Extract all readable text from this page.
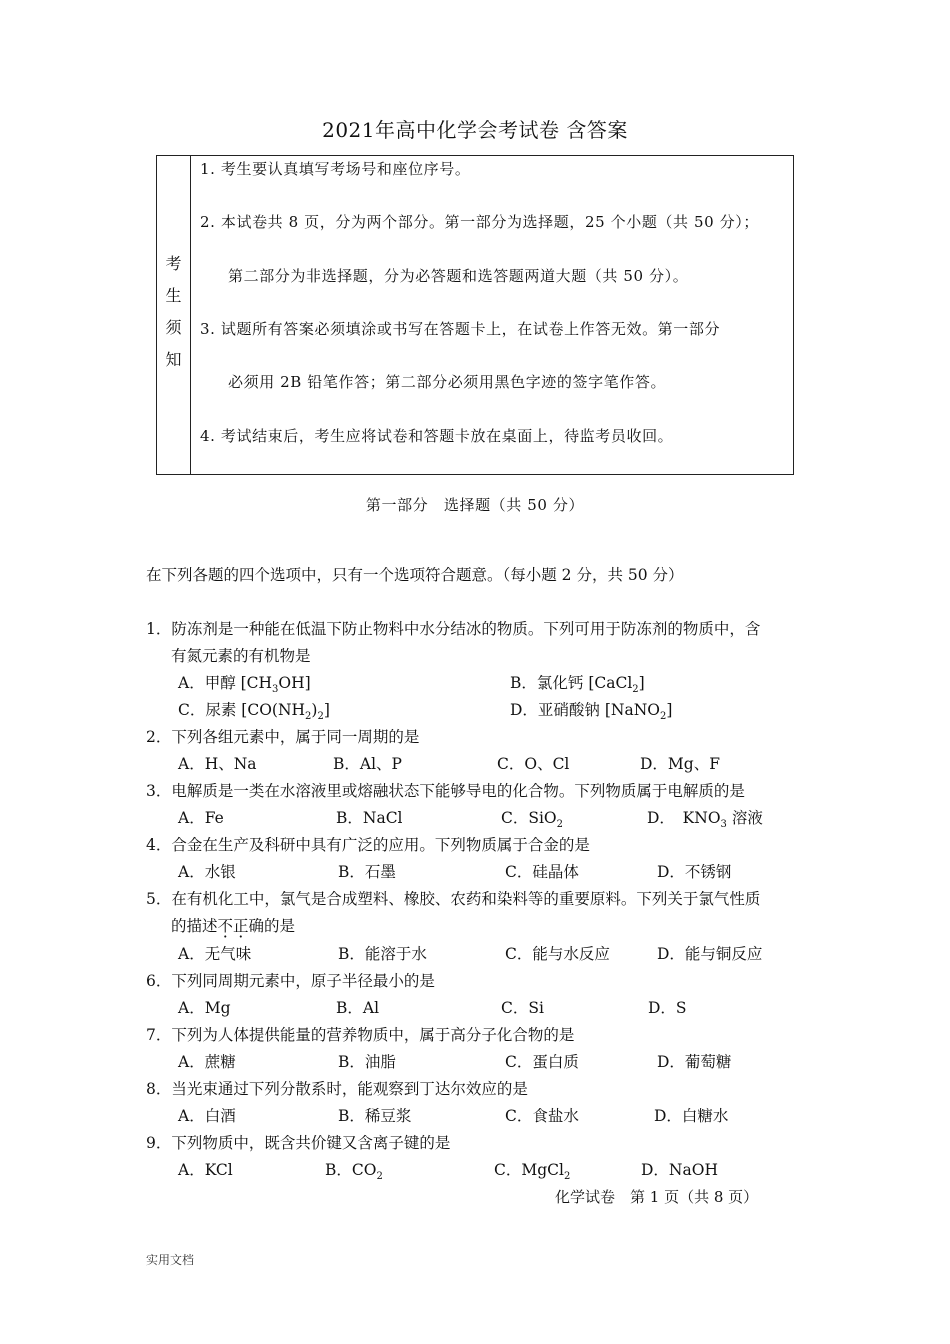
2021年高中化学会考试卷 含答案
考
生
须
知
1. 考生要认真填写考场号和座位序号。
2. 本试卷共 8 页，分为两个部分。第一部分为选择题，25 个小题（共 50 分）；
第二部分为非选择题，分为必答题和选答题两道大题（共 50 分）。
3. 试题所有答案必须填涂或书写在答题卡上，在试卷上作答无效。第一部分
必须用 2B 铅笔作答；第二部分必须用黑色字迹的签字笔作答。
4. 考试结束后，考生应将试卷和答题卡放在桌面上，待监考员收回。
第一部分　选择题（共 50 分）
在下列各题的四个选项中，只有一个选项符合题意。（每小题 2 分，共 50 分）
1．防冻剂是一种能在低温下防止物料中水分结冰的物质。下列可用于防冻剂的物质中，含
有氮元素的有机物是
A．甲醇 $[CH_3OH]$	B．氯化钙 [CaCl$_2$]
C．尿素 $[CO(NH_2)_2]$	D．亚硝酸钠 [NaNO$_2$]
2．下列各组元素中，属于同一周期的是
A．H、Na	B．Al、P	C．O、Cl	D．Mg、F
3．电解质是一类在水溶液里或熔融状态下能够导电的化合物。下列物质属于电解质的是
A．Fe	B．NaCl	C．SiO$_2$	D．　$KNO_3$ 溶液
4．合金在生产及科研中具有广泛的应用。下列物质属于合金的是
A．水银	B．石墨	C．硅晶体	D．不锈钢
5．在有机化工中，氯气是合成塑料、橡胶、农药和染料等的重要原料。下列关于氯气性质
的描述不正确的是
A．无气味	B．能溶于水	C．能与水反应	D．能与铜反应
6．下列同周期元素中，原子半径最小的是
A．Mg	B．Al	C．Si	D．S
7．下列为人体提供能量的营养物质中，属于高分子化合物的是
A．蔗糖	B．油脂	C．蛋白质	D．葡萄糖
8．当光束通过下列分散系时，能观察到丁达尔效应的是
A．白酒	B．稀豆浆	C．食盐水	D．白糖水
9．下列物质中，既含共价键又含离子键的是
A．KCl	B．$CO_2$	C．MgCl$_2$	D．NaOH
化学试卷　第 1 页（共 8 页）
实用文档
